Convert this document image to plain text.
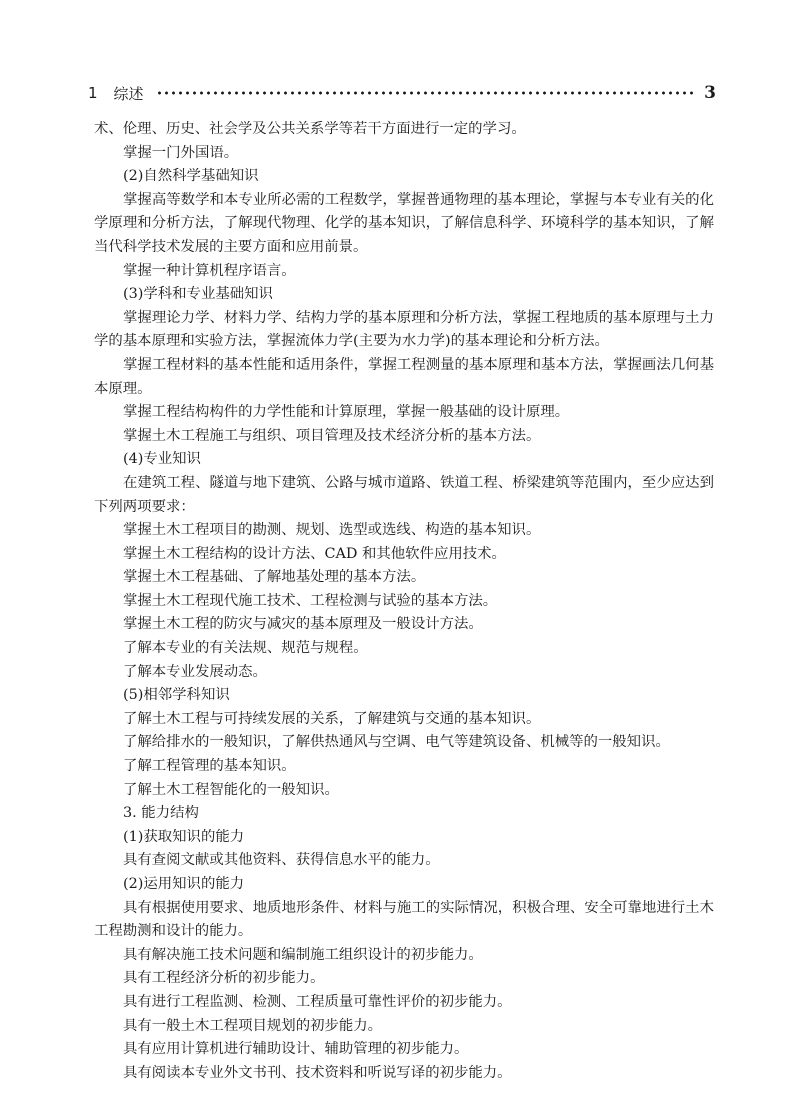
1 综述	3

术、伦理、历史、社会学及公共关系学等若干方面进行一定的学习。

掌握一门外国语。

(2)自然科学基础知识

掌握高等数学和本专业所必需的工程数学，掌握普通物理的基本理论，掌握与本专业有关的化学原理和分析方法，了解现代物理、化学的基本知识，了解信息科学、环境科学的基本知识，了解当代科学技术发展的主要方面和应用前景。

掌握一种计算机程序语言。

(3)学科和专业基础知识

掌握理论力学、材料力学、结构力学的基本原理和分析方法，掌握工程地质的基本原理与土力学的基本原理和实验方法，掌握流体力学(主要为水力学)的基本理论和分析方法。

掌握工程材料的基本性能和适用条件，掌握工程测量的基本原理和基本方法，掌握画法几何基本原理。

掌握工程结构构件的力学性能和计算原理，掌握一般基础的设计原理。

掌握土木工程施工与组织、项目管理及技术经济分析的基本方法。

(4)专业知识

在建筑工程、隧道与地下建筑、公路与城市道路、铁道工程、桥梁建筑等范围内，至少应达到下列两项要求：

掌握土木工程项目的勘测、规划、选型或选线、构造的基本知识。

掌握土木工程结构的设计方法、CAD 和其他软件应用技术。

掌握土木工程基础、了解地基处理的基本方法。

掌握土木工程现代施工技术、工程检测与试验的基本方法。

掌握土木工程的防灾与减灾的基本原理及一般设计方法。

了解本专业的有关法规、规范与规程。

了解本专业发展动态。

(5)相邻学科知识

了解土木工程与可持续发展的关系，了解建筑与交通的基本知识。

了解给排水的一般知识，了解供热通风与空调、电气等建筑设备、机械等的一般知识。

了解工程管理的基本知识。

了解土木工程智能化的一般知识。

3. 能力结构

(1)获取知识的能力

具有查阅文献或其他资料、获得信息水平的能力。

(2)运用知识的能力

具有根据使用要求、地质地形条件、材料与施工的实际情况，积极合理、安全可靠地进行土木工程勘测和设计的能力。

具有解决施工技术问题和编制施工组织设计的初步能力。

具有工程经济分析的初步能力。

具有进行工程监测、检测、工程质量可靠性评价的初步能力。

具有一般土木工程项目规划的初步能力。

具有应用计算机进行辅助设计、辅助管理的初步能力。

具有阅读本专业外文书刊、技术资料和听说写译的初步能力。
